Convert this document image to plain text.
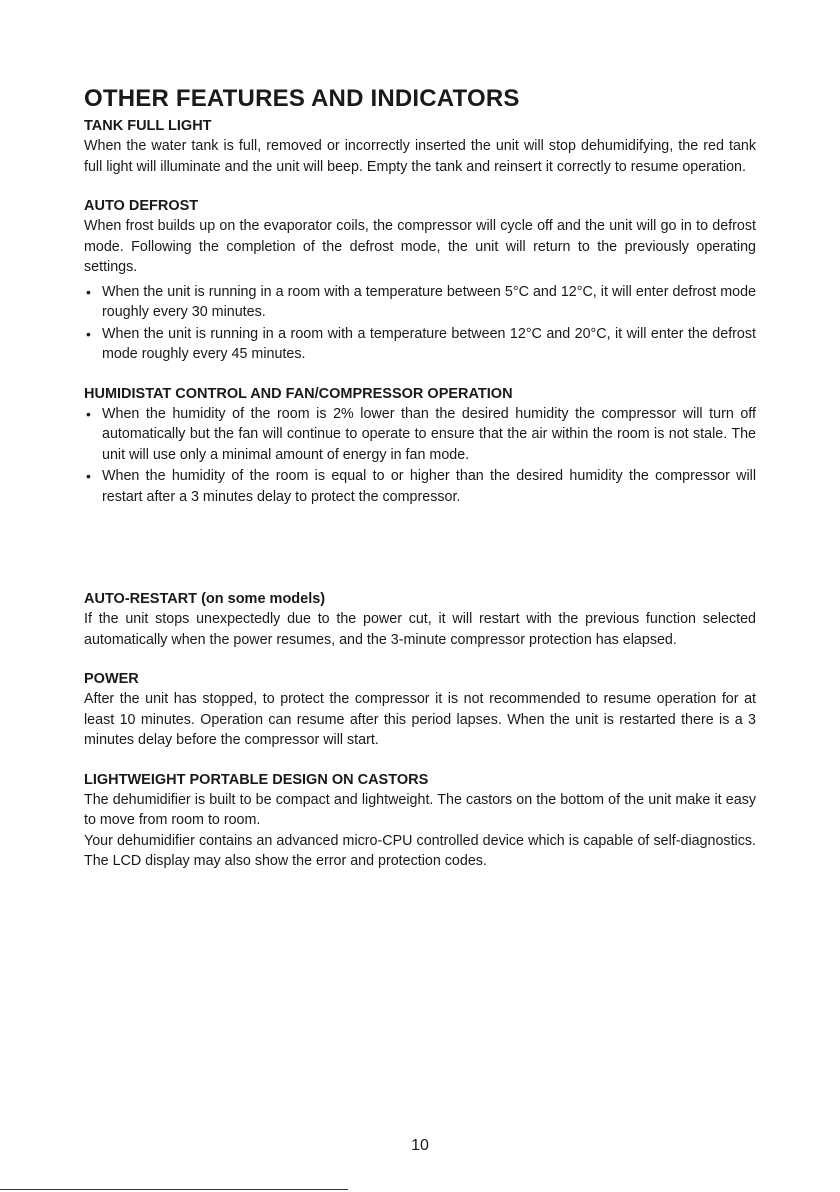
OTHER FEATURES AND INDICATORS
TANK FULL LIGHT

When the water tank is full, removed or incorrectly inserted the unit will stop dehumidifying, the red tank full light will illuminate and the unit will beep. Empty the tank and reinsert it correctly to resume operation.

AUTO DEFROST

When frost builds up on the evaporator coils, the compressor will cycle off and the unit will go in to defrost mode. Following the completion of the defrost mode, the unit will return to the previously operating settings.

• When the unit is running in a room with a temperature between 5°C and 12°C, it will enter defrost mode roughly every 30 minutes.
• When the unit is running in a room with a temperature between 12°C and 20°C, it will enter the defrost mode roughly every 45 minutes.
HUMIDISTAT CONTROL AND FAN/COMPRESSOR OPERATION
• When the humidity of the room is 2% lower than the desired humidity the compressor will turn off automatically but the fan will continue to operate to ensure that the air within the room is not stale. The unit will use only a minimal amount of energy in fan mode.
• When the humidity of the room is equal to or higher than the desired humidity the compressor will restart after a 3 minutes delay to protect the compressor.
AUTO-RESTART (on some models)

If the unit stops unexpectedly due to the power cut, it will restart with the previous function selected automatically when the power resumes, and the 3-minute compressor protection has elapsed.

POWER

After the unit has stopped, to protect the compressor it is not recommended to resume operation for at least 10 minutes. Operation can resume after this period lapses. When the unit is restarted there is a 3 minutes delay before the compressor will start.

LIGHTWEIGHT PORTABLE DESIGN ON CASTORS

The dehumidifier is built to be compact and lightweight. The castors on the bottom of the unit make it easy to move from room to room.

Your dehumidifier contains an advanced micro-CPU controlled device which is capable of self-diagnostics. The LCD display may also show the error and protection codes.

10
